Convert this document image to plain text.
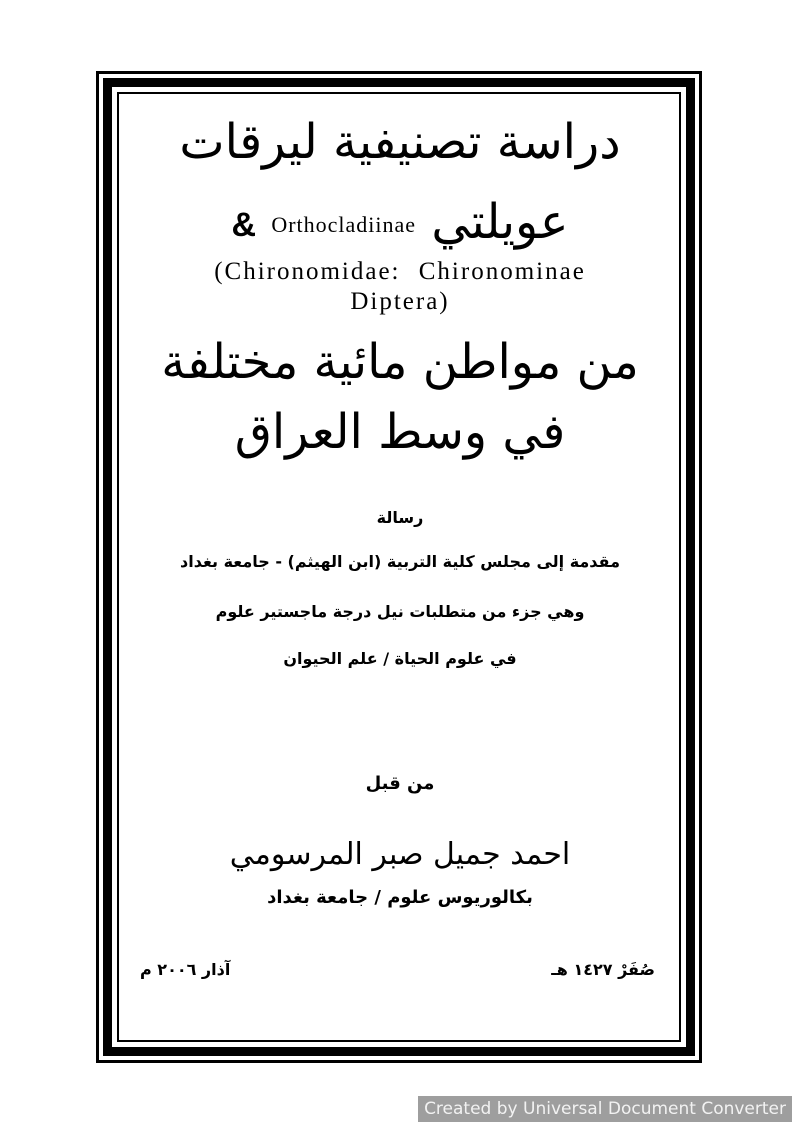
دراسة تصنيفية ليرقات
& Orthocladiinae عويلتي
(Chironomidae: Chironominae
Diptera)
من مواطن مائية مختلفة
في وسط العراق
رسالة
مقدمة إلى مجلس كلية التربية (ابن الهيثم) - جامعة بغداد
وهي جزء من متطلبات نيل درجة ماجستير علوم
في علوم الحياة / علم الحيوان
من قبل
احمد جميل صبر المرسومي
بكالوريوس علوم / جامعة بغداد
صُفَرْ ١٤٢٧ هـ
آذار ٢٠٠٦ م
Created by Universal Document Converter
